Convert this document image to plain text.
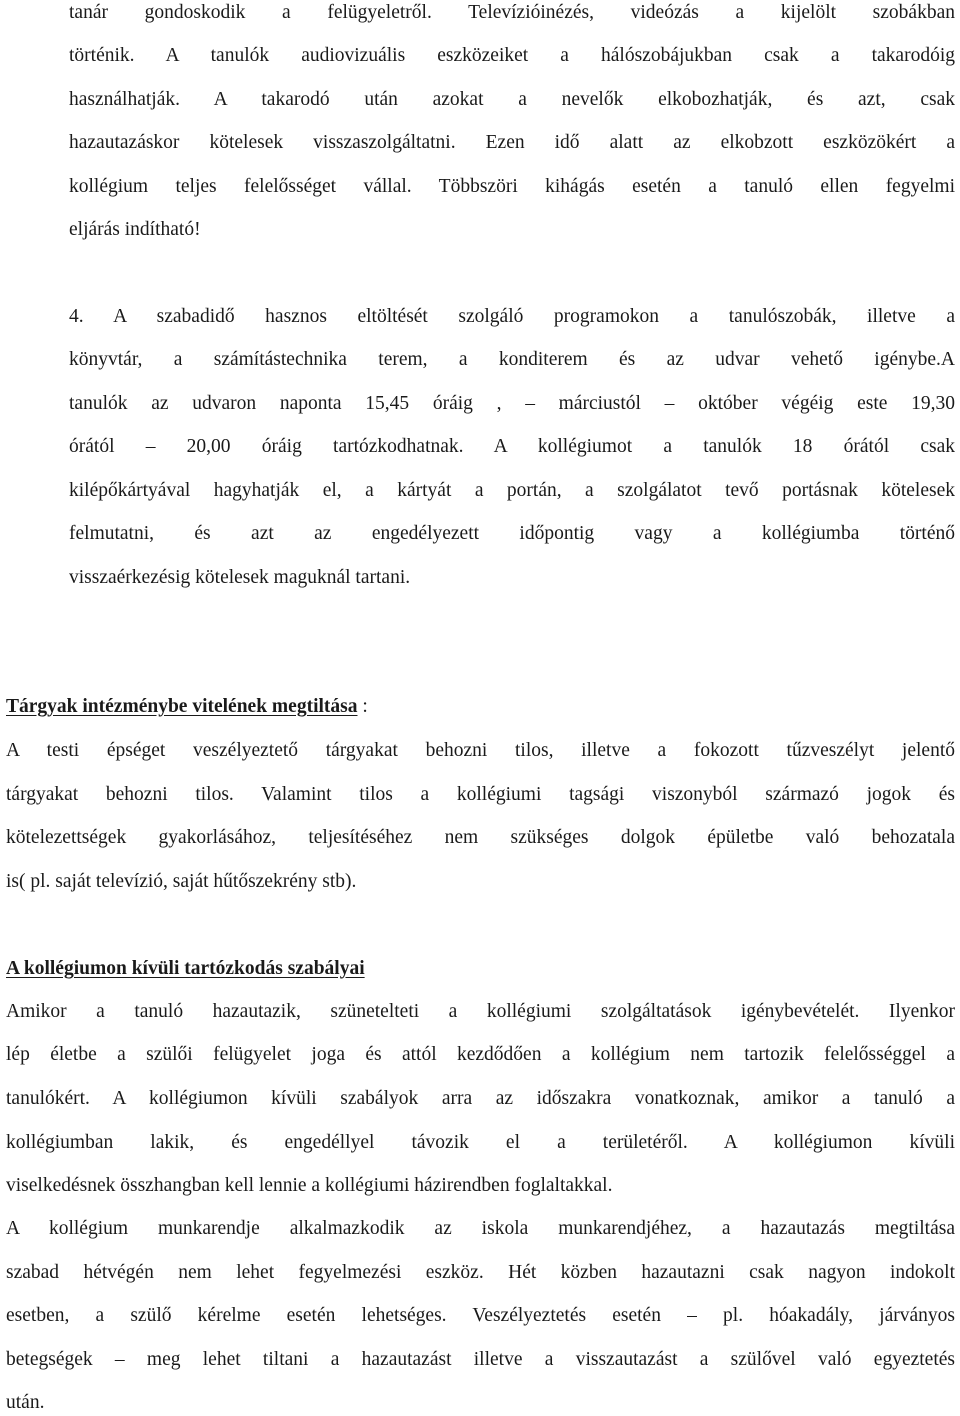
tanár gondoskodik a felügyeletről. Televízióinézés, videózás a kijelölt szobákban
történik. A tanulók audiovizuális eszközeiket a hálószobájukban csak a takarodóig
használhatják. A takarodó után azokat a nevelők elkobozhatják, és azt, csak
hazautazáskor kötelesek visszaszolgáltatni. Ezen idő alatt az elkobzott eszközökért a
kollégium teljes felelősséget vállal. Többszöri kihágás esetén a tanuló ellen fegyelmi
eljárás indítható!
4. A szabadidő hasznos eltöltését szolgáló programokon a tanulószobák, illetve a
könyvtár, a számítástechnika terem, a konditerem és az udvar vehető igénybe.A
tanulók az udvaron naponta 15,45 óráig , – márciustól – október végéig este 19,30
órától – 20,00 óráig tartózkodhatnak. A kollégiumot a tanulók 18 órától csak
kilépőkártyával hagyhatják el, a kártyát a portán, a szolgálatot tevő portásnak kötelesek
felmutatni, és azt az engedélyezett időpontig vagy a kollégiumba történő
visszaérkezésig kötelesek maguknál tartani.
Tárgyak intézménybe vitelének megtiltása :
A testi épséget veszélyeztető tárgyakat behozni tilos, illetve a fokozott tűzveszélyt jelentő
tárgyakat behozni tilos. Valamint tilos a kollégiumi tagsági viszonyból származó jogok és
kötelezettségek gyakorlásához, teljesítéséhez nem szükséges dolgok épületbe való behozatala
is( pl. saját televízió, saját hűtőszekrény stb).
A kollégiumon kívüli tartózkodás szabályai
Amikor a tanuló hazautazik, szünetelteti a kollégiumi szolgáltatások igénybevételét. Ilyenkor
lép életbe a szülői felügyelet joga és attól kezdődően a kollégium nem tartozik felelősséggel a
tanulókért. A kollégiumon kívüli szabályok arra az időszakra vonatkoznak, amikor a tanuló a
kollégiumban lakik, és engedéllyel távozik el a területéről. A kollégiumon kívüli
viselkedésnek összhangban kell lennie a kollégiumi házirendben foglaltakkal.
A kollégium munkarendje alkalmazkodik az iskola munkarendjéhez, a hazautazás megtiltása
szabad hétvégén nem lehet fegyelmezési eszköz. Hét közben hazautazni csak nagyon indokolt
esetben, a szülő kérelme esetén lehetséges. Veszélyeztetés esetén – pl. hóakadály, járványos
betegségek – meg lehet tiltani a hazautazást illetve a visszautazást a szülővel való egyeztetés
után.
